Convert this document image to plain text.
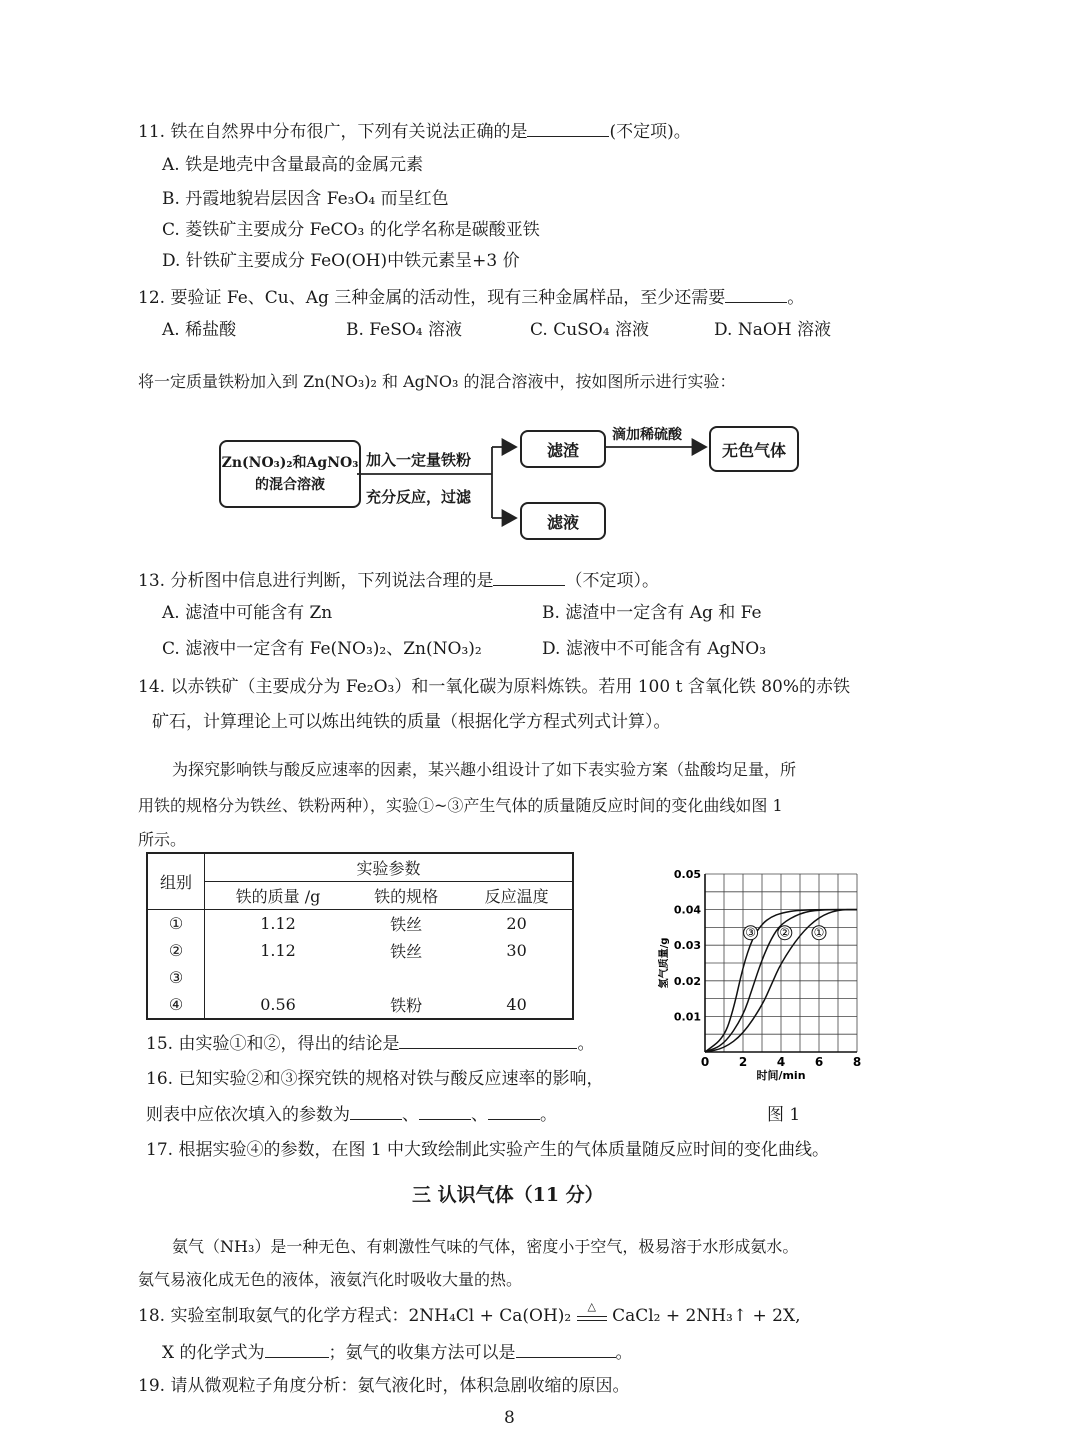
11. 铁在自然界中分布很广，下列有关说法正确的是	(不定项)。
A. 铁是地壳中含量最高的金属元素
B. 丹霞地貌岩层因含 Fe₃O₄ 而呈红色
C. 菱铁矿主要成分 FeCO₃ 的化学名称是碳酸亚铁
D. 针铁矿主要成分 FeO(OH)中铁元素呈+3 价
12. 要验证 Fe、Cu、Ag 三种金属的活动性，现有三种金属样品，至少还需要	。
A. 稀盐酸	B. FeSO₄ 溶液	C. CuSO₄ 溶液	D. NaOH 溶液
将一定质量铁粉加入到 Zn(NO₃)₂ 和 AgNO₃ 的混合溶液中，按如图所示进行实验：
Zn(NO₃)₂和AgNO₃
的混合溶液
加入一定量铁粉
充分反应，过滤
滤渣
滤液
滴加稀硫酸
无色气体
13. 分析图中信息进行判断，下列说法合理的是	（不定项）。
A. 滤渣中可能含有 Zn	B. 滤渣中一定含有 Ag 和 Fe
C. 滤液中一定含有 Fe(NO₃)₂、Zn(NO₃)₂	D. 滤液中不可能含有 AgNO₃
14. 以赤铁矿（主要成分为 Fe₂O₃）和一氧化碳为原料炼铁。若用 100 t 含氧化铁 80%的赤铁
矿石，计算理论上可以炼出纯铁的质量（根据化学方程式列式计算）。
为探究影响铁与酸反应速率的因素，某兴趣小组设计了如下表实验方案（盐酸均足量，所
用铁的规格分为铁丝、铁粉两种），实验①~③产生气体的质量随反应时间的变化曲线如图 1
所示。
组别	实验参数		
	铁的质量 /g	铁的规格	反应温度
①	1.12	铁丝	20
②	1.12	铁丝	30
③			
④	0.56	铁粉	40
0 2 4 6 8
0.01
0.02
0.03
0.04
0.05
时间/min
氢气质量/g
③ ② ①
图 1
15. 由实验①和②，得出的结论是	。
16. 已知实验②和③探究铁的规格对铁与酸反应速率的影响，
则表中应依次填入的参数为	、	、	。
17. 根据实验④的参数，在图 1 中大致绘制此实验产生的气体质量随反应时间的变化曲线。
三 认识气体（11 分）
氨气（NH₃）是一种无色、有刺激性气味的气体，密度小于空气，极易溶于水形成氨水。
氨气易液化成无色的液体，液氨汽化时吸收大量的热。
18. 实验室制取氨气的化学方程式：2NH₄Cl + Ca(OH)₂	△ CaCl₂ + 2NH₃↑ + 2X,
X 的化学式为	；氨气的收集方法可以是	。
19. 请从微观粒子角度分析：氨气液化时，体积急剧收缩的原因。
8
